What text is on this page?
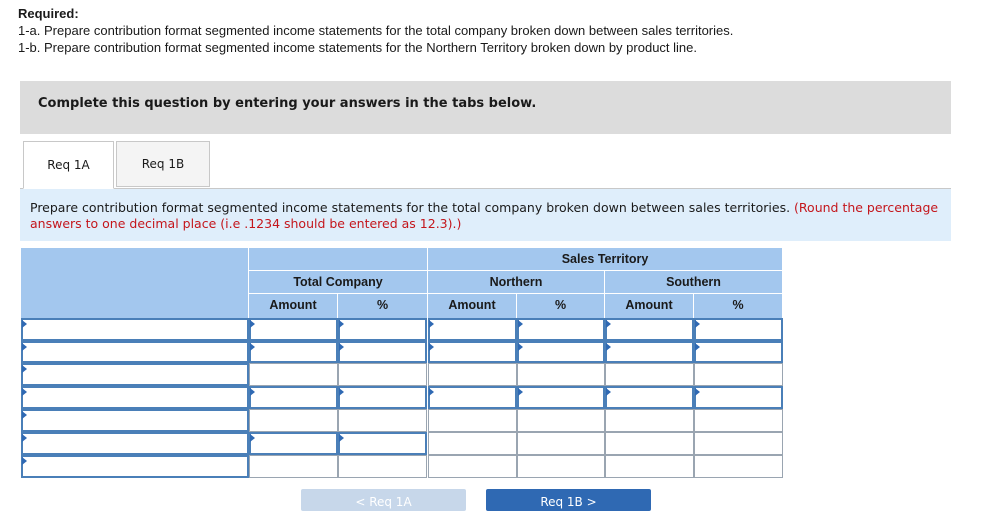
Required:
1-a. Prepare contribution format segmented income statements for the total company broken down between sales territories.
1-b. Prepare contribution format segmented income statements for the Northern Territory broken down by product line.
Complete this question by entering your answers in the tabs below.
Req 1A	Req 1B
Prepare contribution format segmented income statements for the total company broken down between sales territories. (Round the percentage answers to one decimal place (i.e .1234 should be entered as 12.3).)
Sales Territory
Total Company	Northern	Southern
Amount	%	Amount	%	Amount	%
< Req 1A	Req 1B >
